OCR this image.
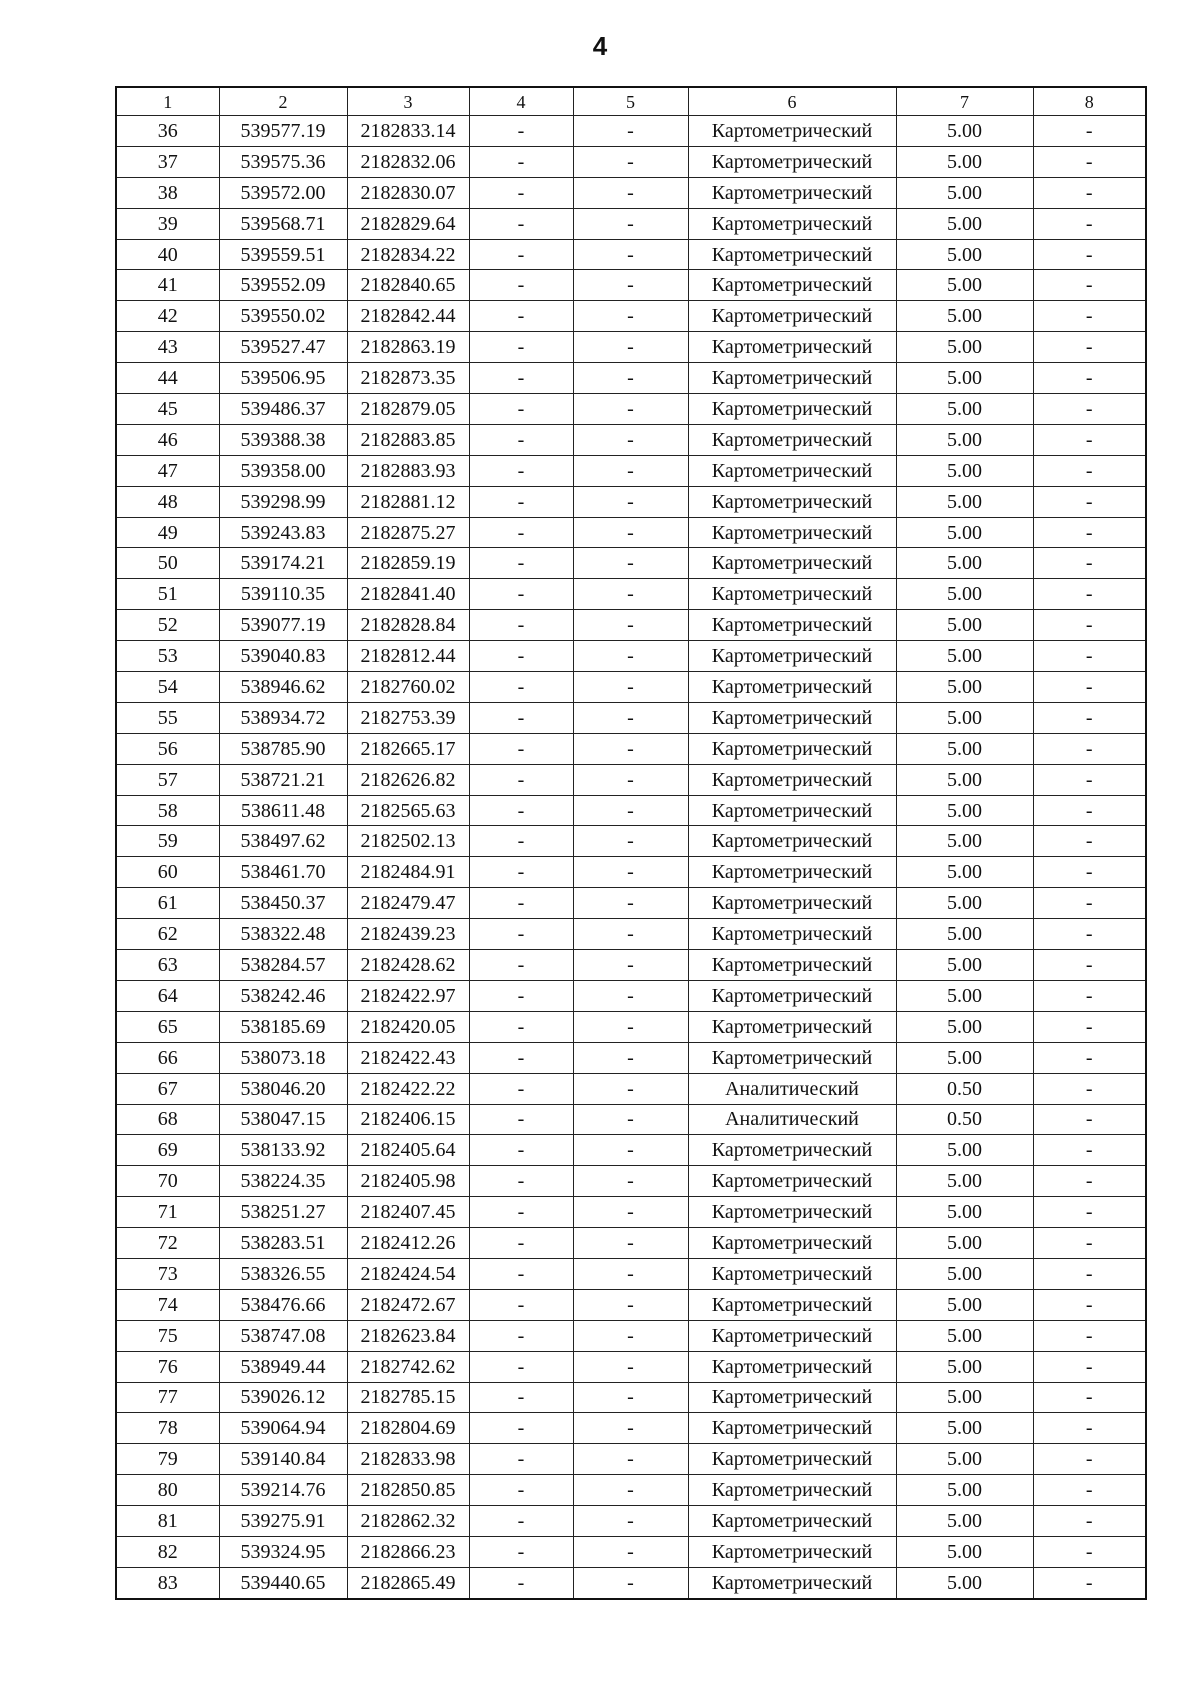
4
1	2	3	4	5	6	7	8
36	539577.19	2182833.14	-	-	Картометрический	5.00	-
37	539575.36	2182832.06	-	-	Картометрический	5.00	-
38	539572.00	2182830.07	-	-	Картометрический	5.00	-
39	539568.71	2182829.64	-	-	Картометрический	5.00	-
40	539559.51	2182834.22	-	-	Картометрический	5.00	-
41	539552.09	2182840.65	-	-	Картометрический	5.00	-
42	539550.02	2182842.44	-	-	Картометрический	5.00	-
43	539527.47	2182863.19	-	-	Картометрический	5.00	-
44	539506.95	2182873.35	-	-	Картометрический	5.00	-
45	539486.37	2182879.05	-	-	Картометрический	5.00	-
46	539388.38	2182883.85	-	-	Картометрический	5.00	-
47	539358.00	2182883.93	-	-	Картометрический	5.00	-
48	539298.99	2182881.12	-	-	Картометрический	5.00	-
49	539243.83	2182875.27	-	-	Картометрический	5.00	-
50	539174.21	2182859.19	-	-	Картометрический	5.00	-
51	539110.35	2182841.40	-	-	Картометрический	5.00	-
52	539077.19	2182828.84	-	-	Картометрический	5.00	-
53	539040.83	2182812.44	-	-	Картометрический	5.00	-
54	538946.62	2182760.02	-	-	Картометрический	5.00	-
55	538934.72	2182753.39	-	-	Картометрический	5.00	-
56	538785.90	2182665.17	-	-	Картометрический	5.00	-
57	538721.21	2182626.82	-	-	Картометрический	5.00	-
58	538611.48	2182565.63	-	-	Картометрический	5.00	-
59	538497.62	2182502.13	-	-	Картометрический	5.00	-
60	538461.70	2182484.91	-	-	Картометрический	5.00	-
61	538450.37	2182479.47	-	-	Картометрический	5.00	-
62	538322.48	2182439.23	-	-	Картометрический	5.00	-
63	538284.57	2182428.62	-	-	Картометрический	5.00	-
64	538242.46	2182422.97	-	-	Картометрический	5.00	-
65	538185.69	2182420.05	-	-	Картометрический	5.00	-
66	538073.18	2182422.43	-	-	Картометрический	5.00	-
67	538046.20	2182422.22	-	-	Аналитический	0.50	-
68	538047.15	2182406.15	-	-	Аналитический	0.50	-
69	538133.92	2182405.64	-	-	Картометрический	5.00	-
70	538224.35	2182405.98	-	-	Картометрический	5.00	-
71	538251.27	2182407.45	-	-	Картометрический	5.00	-
72	538283.51	2182412.26	-	-	Картометрический	5.00	-
73	538326.55	2182424.54	-	-	Картометрический	5.00	-
74	538476.66	2182472.67	-	-	Картометрический	5.00	-
75	538747.08	2182623.84	-	-	Картометрический	5.00	-
76	538949.44	2182742.62	-	-	Картометрический	5.00	-
77	539026.12	2182785.15	-	-	Картометрический	5.00	-
78	539064.94	2182804.69	-	-	Картометрический	5.00	-
79	539140.84	2182833.98	-	-	Картометрический	5.00	-
80	539214.76	2182850.85	-	-	Картометрический	5.00	-
81	539275.91	2182862.32	-	-	Картометрический	5.00	-
82	539324.95	2182866.23	-	-	Картометрический	5.00	-
83	539440.65	2182865.49	-	-	Картометрический	5.00	-
